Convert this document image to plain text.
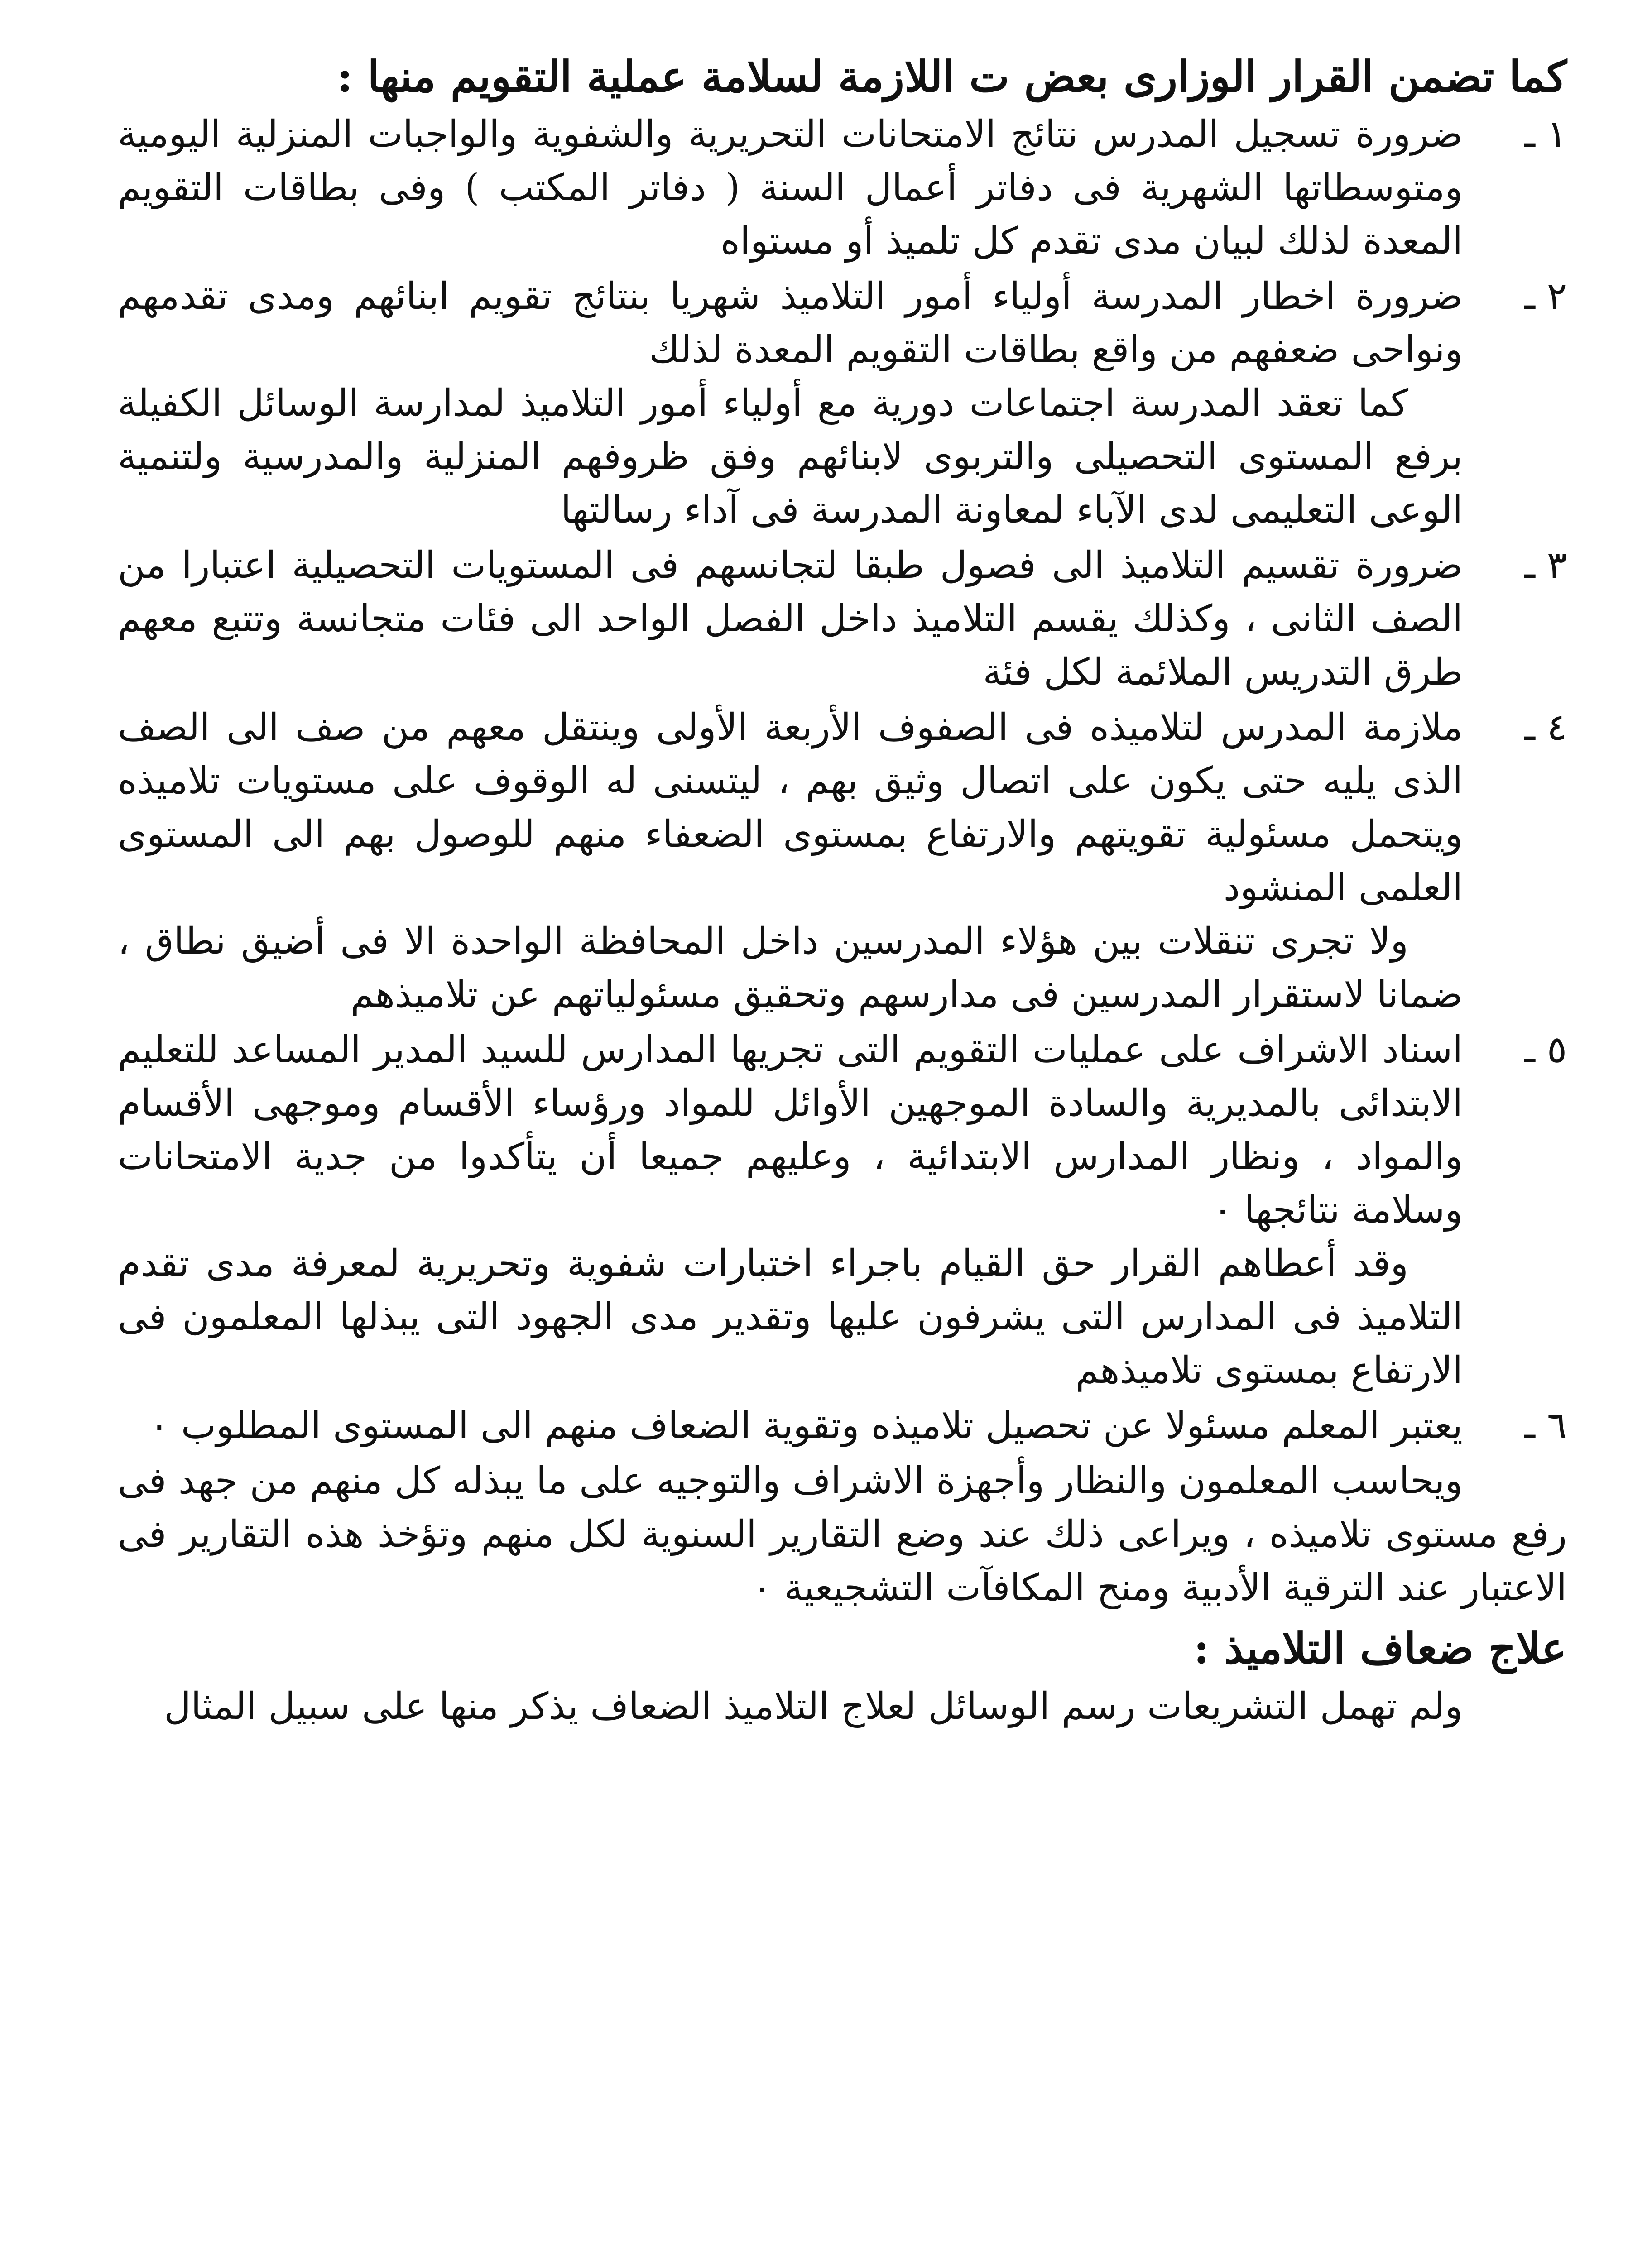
كما تضمن القرار الوزارى بعض ت اللازمة لسلامة عملية التقويم منها :
١ ـ

ضرورة تسجيل المدرس نتائج الامتحانات التحريرية والشفوية والواجبات المنزلية اليومية ومتوسطاتها الشهرية فى دفاتر أعمال السنة ( دفاتر المكتب ) وفى بطاقات التقويم المعدة لذلك لبيان مدى تقدم كل تلميذ أو مستواه

٢ ـ

ضرورة اخطار المدرسة أولياء أمور التلاميذ شهريا بنتائج تقويم ابنائهم ومدى تقدمهم ونواحى ضعفهم من واقع بطاقات التقويم المعدة لذلك

كما تعقد المدرسة اجتماعات دورية مع أولياء أمور التلاميذ لمدارسة الوسائل الكفيلة برفع المستوى التحصيلى والتربوى لابنائهم وفق ظروفهم المنزلية والمدرسية ولتنمية الوعى التعليمى لدى الآباء لمعاونة المدرسة فى آداء رسالتها

٣ ـ

ضرورة تقسيم التلاميذ الى فصول طبقا لتجانسهم فى المستويات التحصيلية اعتبارا من الصف الثانى ، وكذلك يقسم التلاميذ داخل الفصل الواحد الى فئات متجانسة وتتبع معهم طرق التدريس الملائمة لكل فئة

٤ ـ

ملازمة المدرس لتلاميذه فى الصفوف الأربعة الأولى وينتقل معهم من صف الى الصف الذى يليه حتى يكون على اتصال وثيق بهم ، ليتسنى له الوقوف على مستويات تلاميذه ويتحمل مسئولية تقويتهم والارتفاع بمستوى الضعفاء منهم للوصول بهم الى المستوى العلمى المنشود

ولا تجرى تنقلات بين هؤلاء المدرسين داخل المحافظة الواحدة الا فى أضيق نطاق ، ضمانا لاستقرار المدرسين فى مدارسهم وتحقيق مسئولياتهم عن تلاميذهم

٥ ـ

اسناد الاشراف على عمليات التقويم التى تجريها المدارس للسيد المدير المساعد للتعليم الابتدائى بالمديرية والسادة الموجهين الأوائل للمواد ورؤساء الأقسام وموجهى الأقسام والمواد ، ونظار المدارس الابتدائية ، وعليهم جميعا أن يتأكدوا من جدية الامتحانات وسلامة نتائجها ٠

وقد أعطاهم القرار حق القيام باجراء اختبارات شفوية وتحريرية لمعرفة مدى تقدم التلاميذ فى المدارس التى يشرفون عليها وتقدير مدى الجهود التى يبذلها المعلمون فى الارتفاع بمستوى تلاميذهم

٦ ـ

يعتبر المعلم مسئولا عن تحصيل تلاميذه وتقوية الضعاف منهم الى المستوى المطلوب ٠

ويحاسب المعلمون والنظار وأجهزة الاشراف والتوجيه على ما يبذله كل منهم من جهد فى رفع مستوى تلاميذه ، ويراعى ذلك عند وضع التقارير السنوية لكل منهم وتؤخذ هذه التقارير فى الاعتبار عند الترقية الأدبية ومنح المكافآت التشجيعية ٠

علاج ضعاف التلاميذ :

ولم تهمل التشريعات رسم الوسائل لعلاج التلاميذ الضعاف يذكر منها على سبيل المثال
